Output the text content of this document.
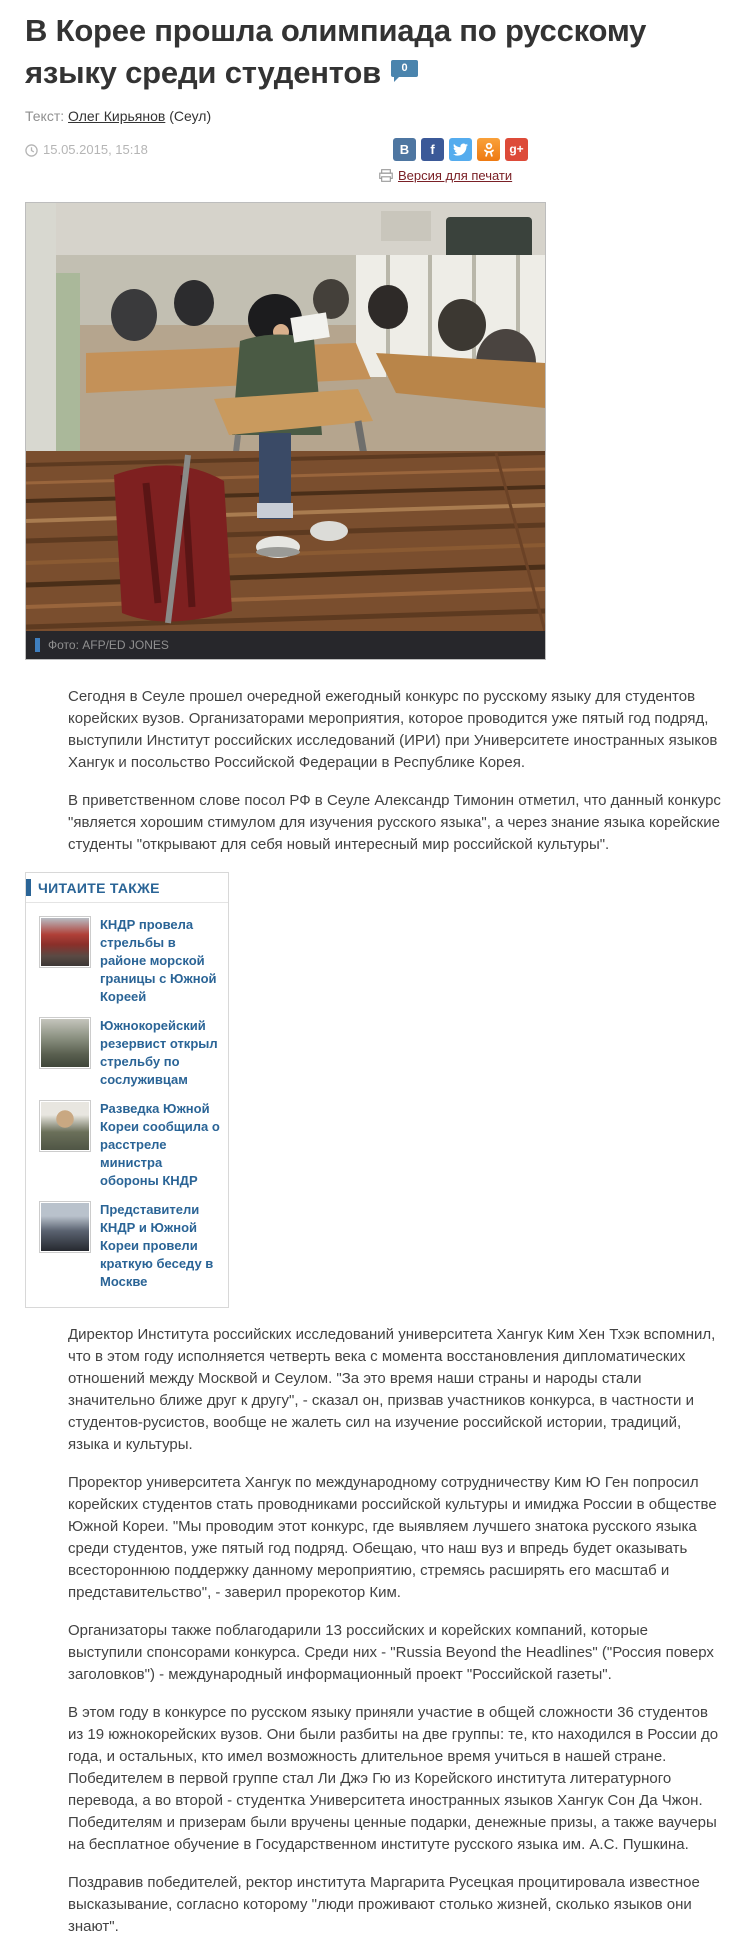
В Корее прошла олимпиада по русскому языку среди студентов 0
Текст: Олег Кирьянов (Сеул)
15.05.2015, 15:18	В f	g+
Версия для печати
Фото: AFP/ED JONES

Сегодня в Сеуле прошел очередной ежегодный конкурс по русскому языку для студентов корейских вузов. Организаторами мероприятия, которое проводится уже пятый год подряд, выступили Институт российских исследований (ИРИ) при Университете иностранных языков Хангук и посольство Российской Федерации в Республике Корея.

В приветственном слове посол РФ в Сеуле Александр Тимонин отметил, что данный конкурс "является хорошим стимулом для изучения русского языка", а через знание языка корейские студенты "открывают для себя новый интересный мир российской культуры".

ЧИТАИТЕ ТАКЖЕ
КНДР провела стрельбы в районе морской границы с Южной Кореей
Южнокорейский резервист открыл стрельбу по сослуживцам
Разведка Южной Кореи сообщила о расстреле министра обороны КНДР
Представители КНДР и Южной Кореи провели краткую беседу в Москве

Директор Института российских исследований университета Хангук Ким Хен Тхэк вспомнил, что в этом году исполняется четверть века с момента восстановления дипломатических отношений между Москвой и Сеулом. "За это время наши страны и народы стали значительно ближе друг к другу", - сказал он, призвав участников конкурса, в частности и студентов-русистов, вообще не жалеть сил на изучение российской истории, традиций, языка и культуры.

Проректор университета Хангук по международному сотрудничеству Ким Ю Ген попросил корейских студентов стать проводниками российской культуры и имиджа России в обществе Южной Кореи. "Мы проводим этот конкурс, где выявляем лучшего знатока русского языка среди студентов, уже пятый год подряд. Обещаю, что наш вуз и впредь будет оказывать всестороннюю поддержку данному мероприятию, стремясь расширять его масштаб и представительство", - заверил прорекотор Ким.

Организаторы также поблагодарили 13 российских и корейских компаний, которые выступили спонсорами конкурса. Среди них - "Russia Beyond the Headlines" ("Россия поверх заголовков") - международный информационный проект "Российской газеты".

В этом году в конкурсе по русском языку приняли участие в общей сложности 36 студентов из 19 южнокорейских вузов. Они были разбиты на две группы: те, кто находился в России до года, и остальных, кто имел возможность длительное время учиться в нашей стране. Победителем в первой группе стал Ли Джэ Гю из Корейского института литературного перевода, а во второй - студентка Университета иностранных языков Хангук Сон Да Чжон. Победителям и призерам были вручены ценные подарки, денежные призы, а также ваучеры на бесплатное обучение в Государственном институте русского языка им. А.С. Пушкина.

Поздравив победителей, ректор института Маргарита Русецкая процитировала известное высказывание, согласно которому "люди проживают столько жизней, сколько языков они знают".
